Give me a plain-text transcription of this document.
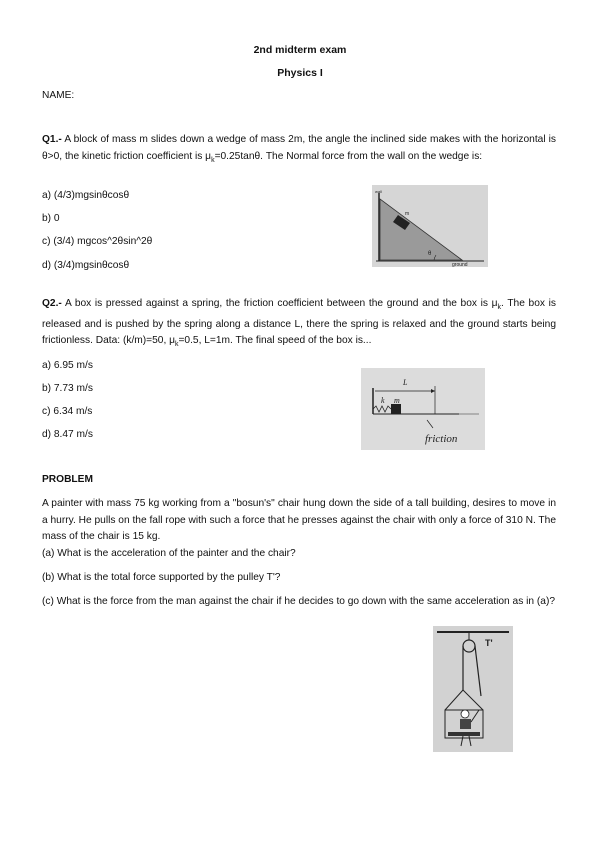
2nd midterm exam
Physics I
NAME:
Q1.- A block of mass m slides down a wedge of mass 2m, the angle the inclined side makes with the horizontal is θ>0, the kinetic friction coefficient is $\mu_k=0.25\tan\theta$. The Normal force from the wall on the wedge is:
a) (4/3)mgsinθcosθ
b) 0
c) (3/4) mgcos^2θsin^2θ
d) (3/4)mgsinθcosθ
wall
ground
θ
m
Q2.- A box is pressed against a spring, the friction coefficient between the ground and the box is $\mu_k$. The box is released and is pushed by the spring along a distance L, there the spring is relaxed and the ground starts being frictionless. Data: (k/m)=50, $\mu_k=0.5$, L=1m. The final speed of the box is...
a) 6.95 m/s
b) 7.73 m/s
c) 6.34 m/s
d) 8.47 m/s
L
k m
friction
PROBLEM
A painter with mass 75 kg working from a "bosun's" chair hung down the side of a tall building, desires to move in a hurry. He pulls on the fall rope with such a force that he presses against the chair with only a force of 310 N. The mass of the chair is 15 kg.
(a) What is the acceleration of the painter and the chair?
(b) What is the total force supported by the pulley T'?
(c) What is the force from the man against the chair if he decides to go down with the same acceleration as in (a)?
T'
